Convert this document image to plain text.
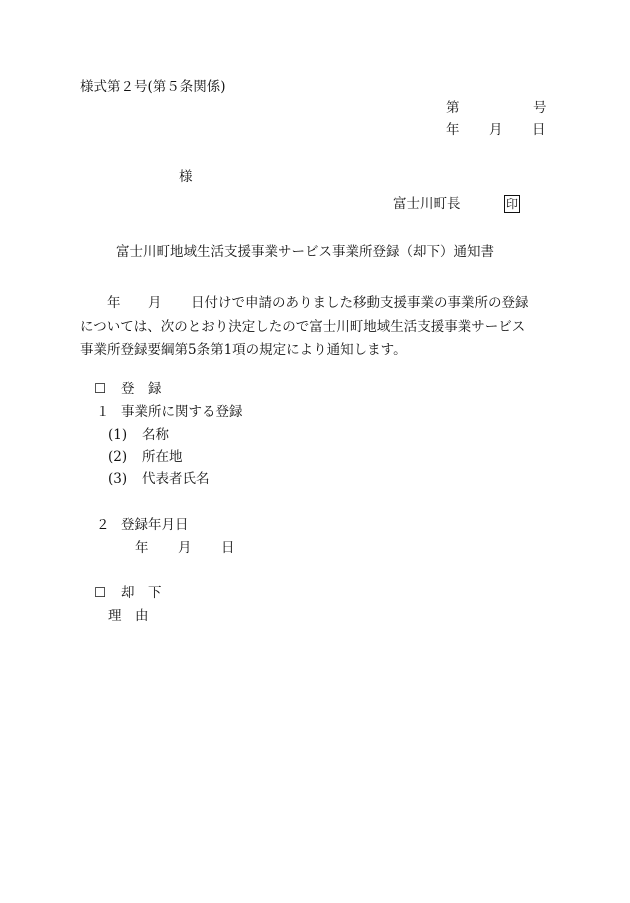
様式第２号(第５条関係)
第	号
年 月 日
様
富士川町長	印
富士川町地域生活支援事業サービス事業所登録（却下）通知書
年 月 日付けで申請のありました移動支援事業の事業所の登録
については、次のとおり決定したので富士川町地域生活支援事業サービス
事業所登録要綱第5条第1項の規定により通知します。
☐ 登　録
１ 事業所に関する登録
(1) 名称
(2) 所在地
(3) 代表者氏名
２ 登録年月日
年 月 日
☐ 却　下
理　由
